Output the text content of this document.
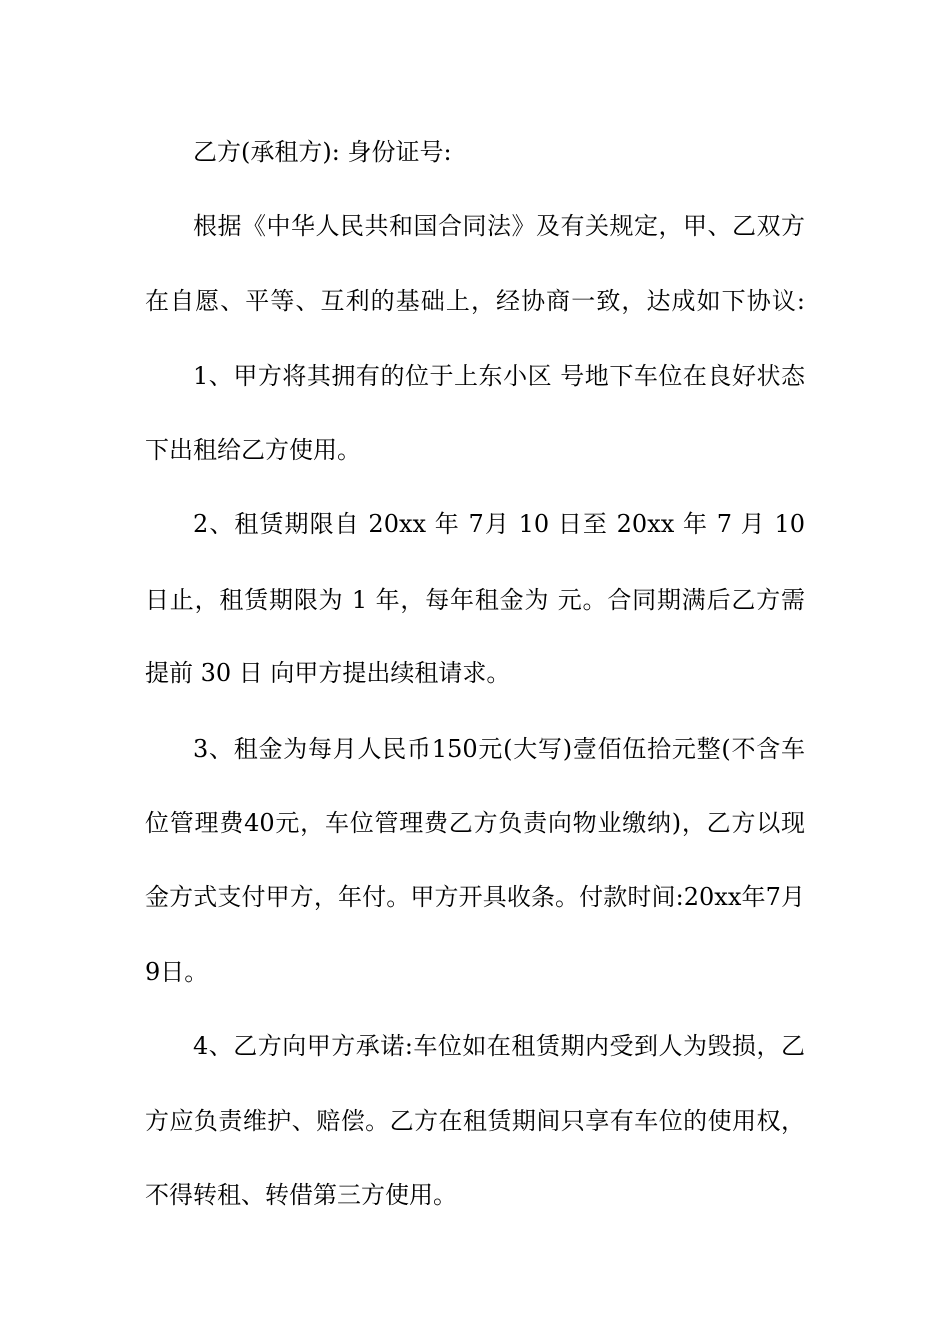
乙方(承租方): 身份证号:
根据《中华人民共和国合同法》及有关规定，甲、乙双方
在自愿、平等、互利的基础上，经协商一致，达成如下协议:
1、甲方将其拥有的位于上东小区 号地下车位在良好状态
下出租给乙方使用。
2、租赁期限自 20xx 年 7月 10 日至 20xx 年 7 月 10
日止，租赁期限为 1 年，每年租金为 元。合同期满后乙方需
提前 30 日 向甲方提出续租请求。
3、租金为每月人民币150元(大写)壹佰伍拾元整(不含车
位管理费40元，车位管理费乙方负责向物业缴纳)，乙方以现
金方式支付甲方，年付。甲方开具收条。付款时间:20xx年7月
9日。
4、乙方向甲方承诺:车位如在租赁期内受到人为毁损，乙
方应负责维护、赔偿。乙方在租赁期间只享有车位的使用权，
不得转租、转借第三方使用。
